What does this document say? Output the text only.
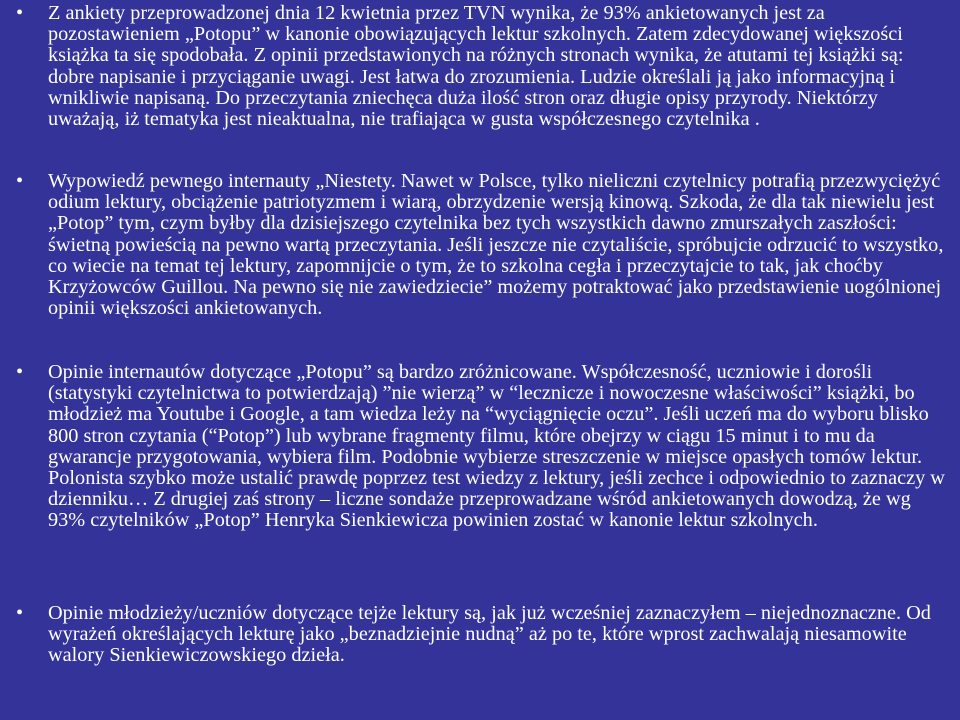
• Z ankiety przeprowadzonej dnia 12 kwietnia przez TVN wynika, że 93% ankietowanych jest za pozostawieniem „Potopu” w kanonie obowiązujących lektur szkolnych. Zatem zdecydowanej większości książka ta się spodobała. Z opinii przedstawionych na różnych stronach wynika, że atutami tej książki są: dobre napisanie i przyciąganie uwagi. Jest łatwa do zrozumienia. Ludzie określali ją jako informacyjną i wnikliwie napisaną. Do przeczytania zniechęca duża ilość stron oraz długie opisy przyrody. Niektórzy uważają, iż tematyka jest nieaktualna, nie trafiająca w gusta współczesnego czytelnika .
• Wypowiedź pewnego internauty „Niestety. Nawet w Polsce, tylko nieliczni czytelnicy potrafią przezwyciężyć odium lektury, obciążenie patriotyzmem i wiarą, obrzydzenie wersją kinową. Szkoda, że dla tak niewielu jest „Potop” tym, czym byłby dla dzisiejszego czytelnika bez tych wszystkich dawno zmurszałych zaszłości: świetną powieścią na pewno wartą przeczytania. Jeśli jeszcze nie czytaliście, spróbujcie odrzucić to wszystko, co wiecie na temat tej lektury, zapomnijcie o tym, że to szkolna cegła i przeczytajcie to tak, jak choćby Krzyżowców Guillou. Na pewno się nie zawiedziecie” możemy potraktować jako przedstawienie uogólnionej opinii większości ankietowanych.
• Opinie internautów dotyczące „Potopu” są bardzo zróżnicowane. Współczesność, uczniowie i dorośli (statystyki czytelnictwa to potwierdzają) ”nie wierzą” w “lecznicze i nowoczesne właściwości” książki, bo młodzież ma Youtube i Google, a tam wiedza leży na “wyciągnięcie oczu”. Jeśli uczeń ma do wyboru blisko 800 stron czytania (“Potop”) lub wybrane fragmenty filmu, które obejrzy w ciągu 15 minut i to mu da gwarancje przygotowania, wybiera film. Podobnie wybierze streszczenie w miejsce opasłych tomów lektur. Polonista szybko może ustalić prawdę poprzez test wiedzy z lektury, jeśli zechce i odpowiednio to zaznaczy w dzienniku… Z drugiej zaś strony – liczne sondaże przeprowadzane wśród ankietowanych dowodzą, że wg 93% czytelników „Potop” Henryka Sienkiewicza powinien zostać w kanonie lektur szkolnych.
• Opinie młodzieży/uczniów dotyczące tejże lektury są, jak już wcześniej zaznaczyłem – niejednoznaczne. Od wyrażeń określających lekturę jako „beznadziejnie nudną” aż po te, które wprost zachwalają niesamowite walory Sienkiewiczowskiego dzieła.
